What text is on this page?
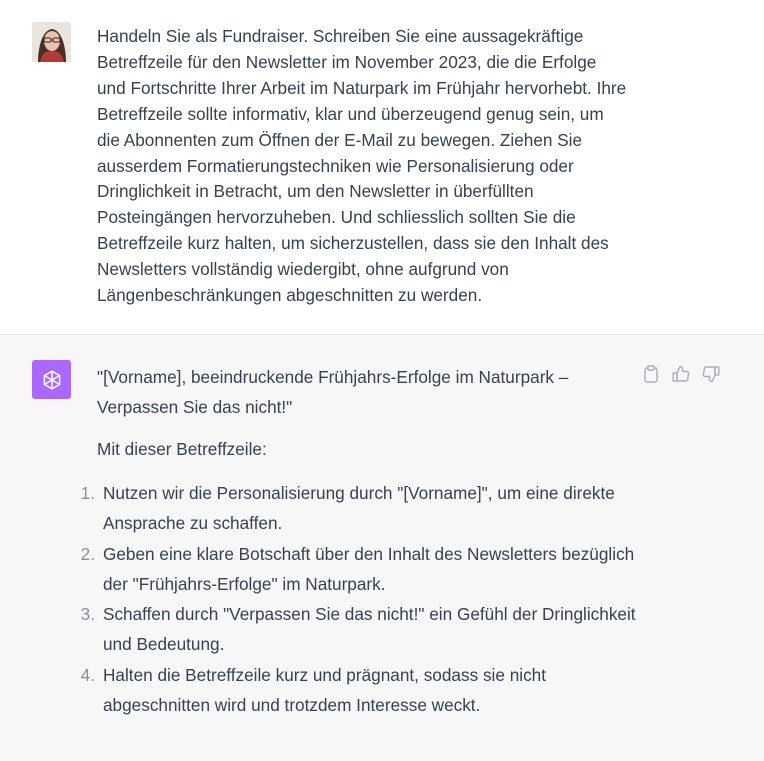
Handeln Sie als Fundraiser. Schreiben Sie eine aussagekräftige Betreffzeile für den Newsletter im November 2023, die die Erfolge und Fortschritte Ihrer Arbeit im Naturpark im Frühjahr hervorhebt. Ihre Betreffzeile sollte informativ, klar und überzeugend genug sein, um die Abonnenten zum Öffnen der E-Mail zu bewegen. Ziehen Sie ausserdem Formatierungstechniken wie Personalisierung oder Dringlichkeit in Betracht, um den Newsletter in überfüllten Posteingängen hervorzuheben. Und schliesslich sollten Sie die Betreffzeile kurz halten, um sicherzustellen, dass sie den Inhalt des Newsletters vollständig wiedergibt, ohne aufgrund von Längenbeschränkungen abgeschnitten zu werden.

"[Vorname], beeindruckende Frühjahrs-Erfolge im Naturpark – Verpassen Sie das nicht!"

Mit dieser Betreffzeile:

1. Nutzen wir die Personalisierung durch "[Vorname]", um eine direkte Ansprache zu schaffen.
2. Geben eine klare Botschaft über den Inhalt des Newsletters bezüglich der "Frühjahrs-Erfolge" im Naturpark.
3. Schaffen durch "Verpassen Sie das nicht!" ein Gefühl der Dringlichkeit und Bedeutung.
4. Halten die Betreffzeile kurz und prägnant, sodass sie nicht abgeschnitten wird und trotzdem Interesse weckt.
